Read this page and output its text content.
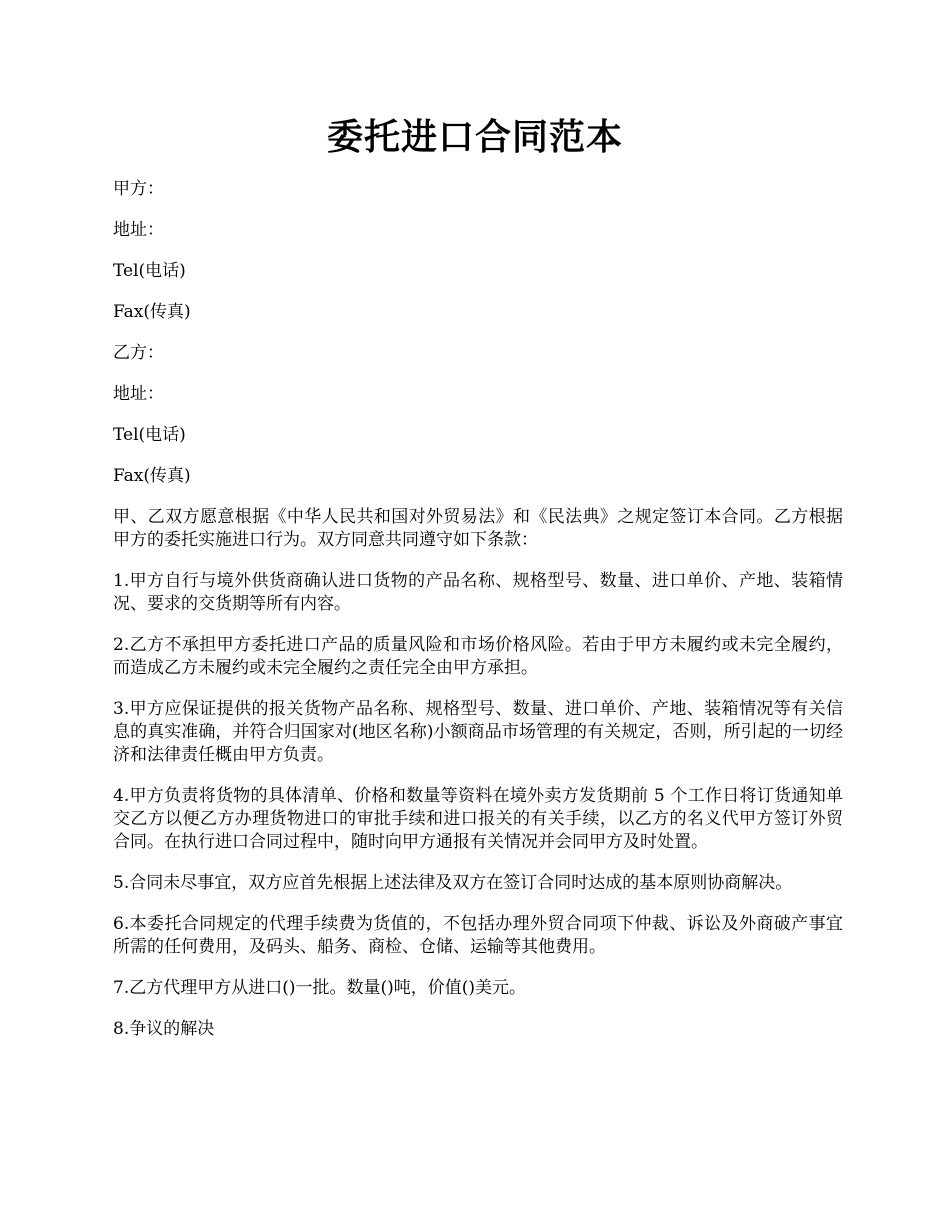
委托进口合同范本
甲方：
地址：
Tel(电话)
Fax(传真)
乙方：
地址：
Tel(电话)
Fax(传真)

甲、乙双方愿意根据《中华人民共和国对外贸易法》和《民法典》之规定签订本合同。乙方根据甲方的委托实施进口行为。双方同意共同遵守如下条款：

1.甲方自行与境外供货商确认进口货物的产品名称、规格型号、数量、进口单价、产地、装箱情况、要求的交货期等所有内容。

2.乙方不承担甲方委托进口产品的质量风险和市场价格风险。若由于甲方未履约或未完全履约，而造成乙方未履约或未完全履约之责任完全由甲方承担。

3.甲方应保证提供的报关货物产品名称、规格型号、数量、进口单价、产地、装箱情况等有关信息的真实准确，并符合归国家对(地区名称)小额商品市场管理的有关规定，否则，所引起的一切经济和法律责任概由甲方负责。

4.甲方负责将货物的具体清单、价格和数量等资料在境外卖方发货期前 5 个工作日将订货通知单交乙方以便乙方办理货物进口的审批手续和进口报关的有关手续，以乙方的名义代甲方签订外贸合同。在执行进口合同过程中，随时向甲方通报有关情况并会同甲方及时处置。

5.合同未尽事宜，双方应首先根据上述法律及双方在签订合同时达成的基本原则协商解决。

6.本委托合同规定的代理手续费为货值的，不包括办理外贸合同项下仲裁、诉讼及外商破产事宜所需的任何费用，及码头、船务、商检、仓储、运输等其他费用。

7.乙方代理甲方从进口()一批。数量()吨，价值()美元。

8.争议的解决
